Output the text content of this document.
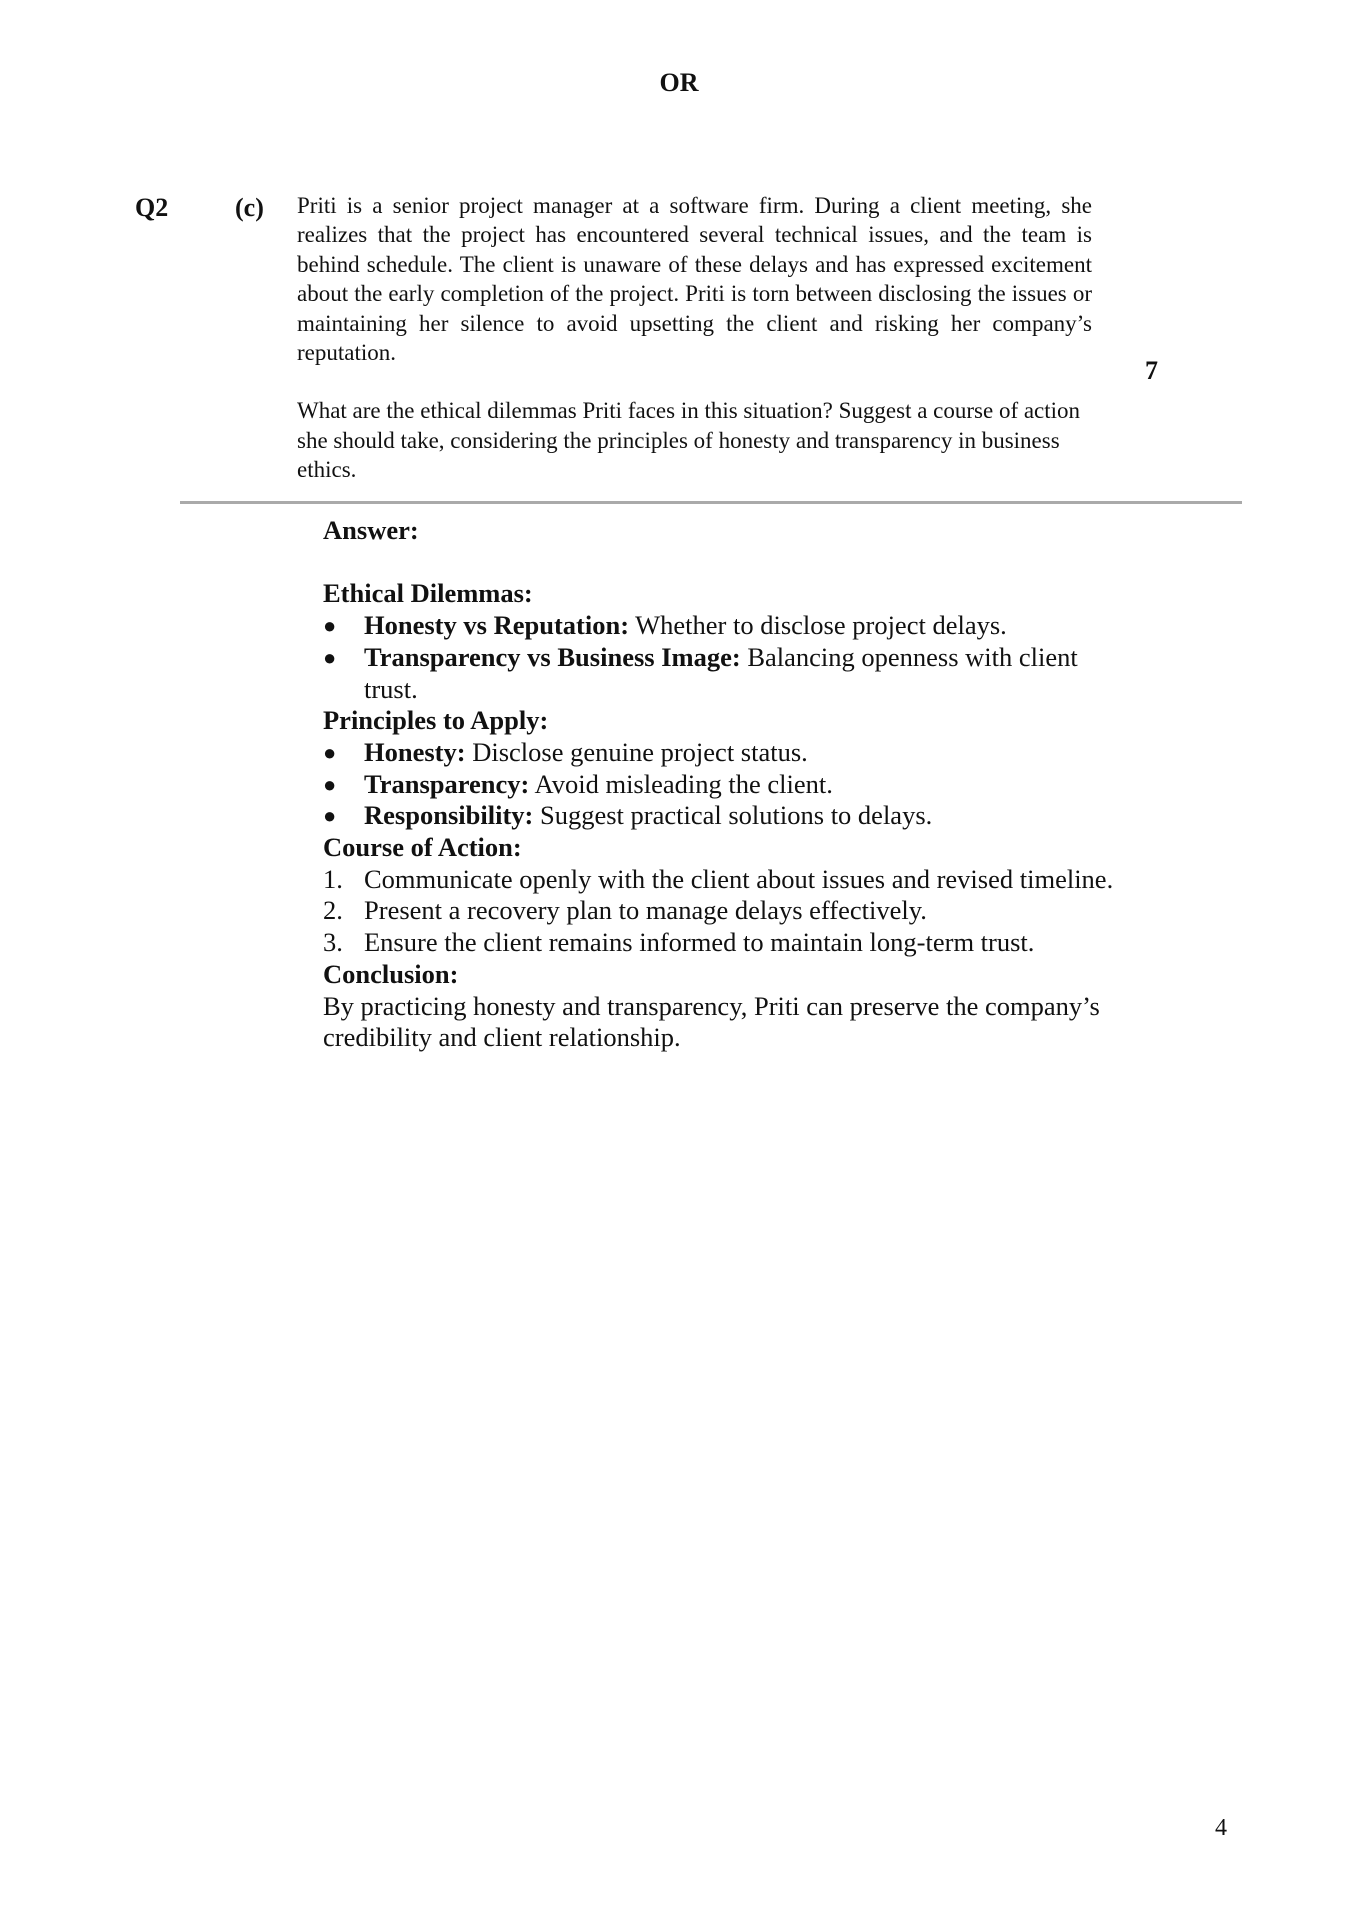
OR
Q2	(c) Priti is a senior project manager at a software firm. During a client meeting, she realizes that the project has encountered several technical issues, and the team is behind schedule. The client is unaware of these delays and has expressed excitement about the early completion of the project. Priti is torn between disclosing the issues or maintaining her silence to avoid upsetting the client and risking her company’s reputation.

What are the ethical dilemmas Priti faces in this situation? Suggest a course of action she should take, considering the principles of honesty and transparency in business ethics.

7
Answer:
Ethical Dilemmas:
● Honesty vs Reputation: Whether to disclose project delays.
● Transparency vs Business Image: Balancing openness with client trust.
Principles to Apply:
● Honesty: Disclose genuine project status.
● Transparency: Avoid misleading the client.
● Responsibility: Suggest practical solutions to delays.
Course of Action:
1. Communicate openly with the client about issues and revised timeline.
2. Present a recovery plan to manage delays effectively.
3. Ensure the client remains informed to maintain long-term trust.
Conclusion:
By practicing honesty and transparency, Priti can preserve the company’s credibility and client relationship.
4
